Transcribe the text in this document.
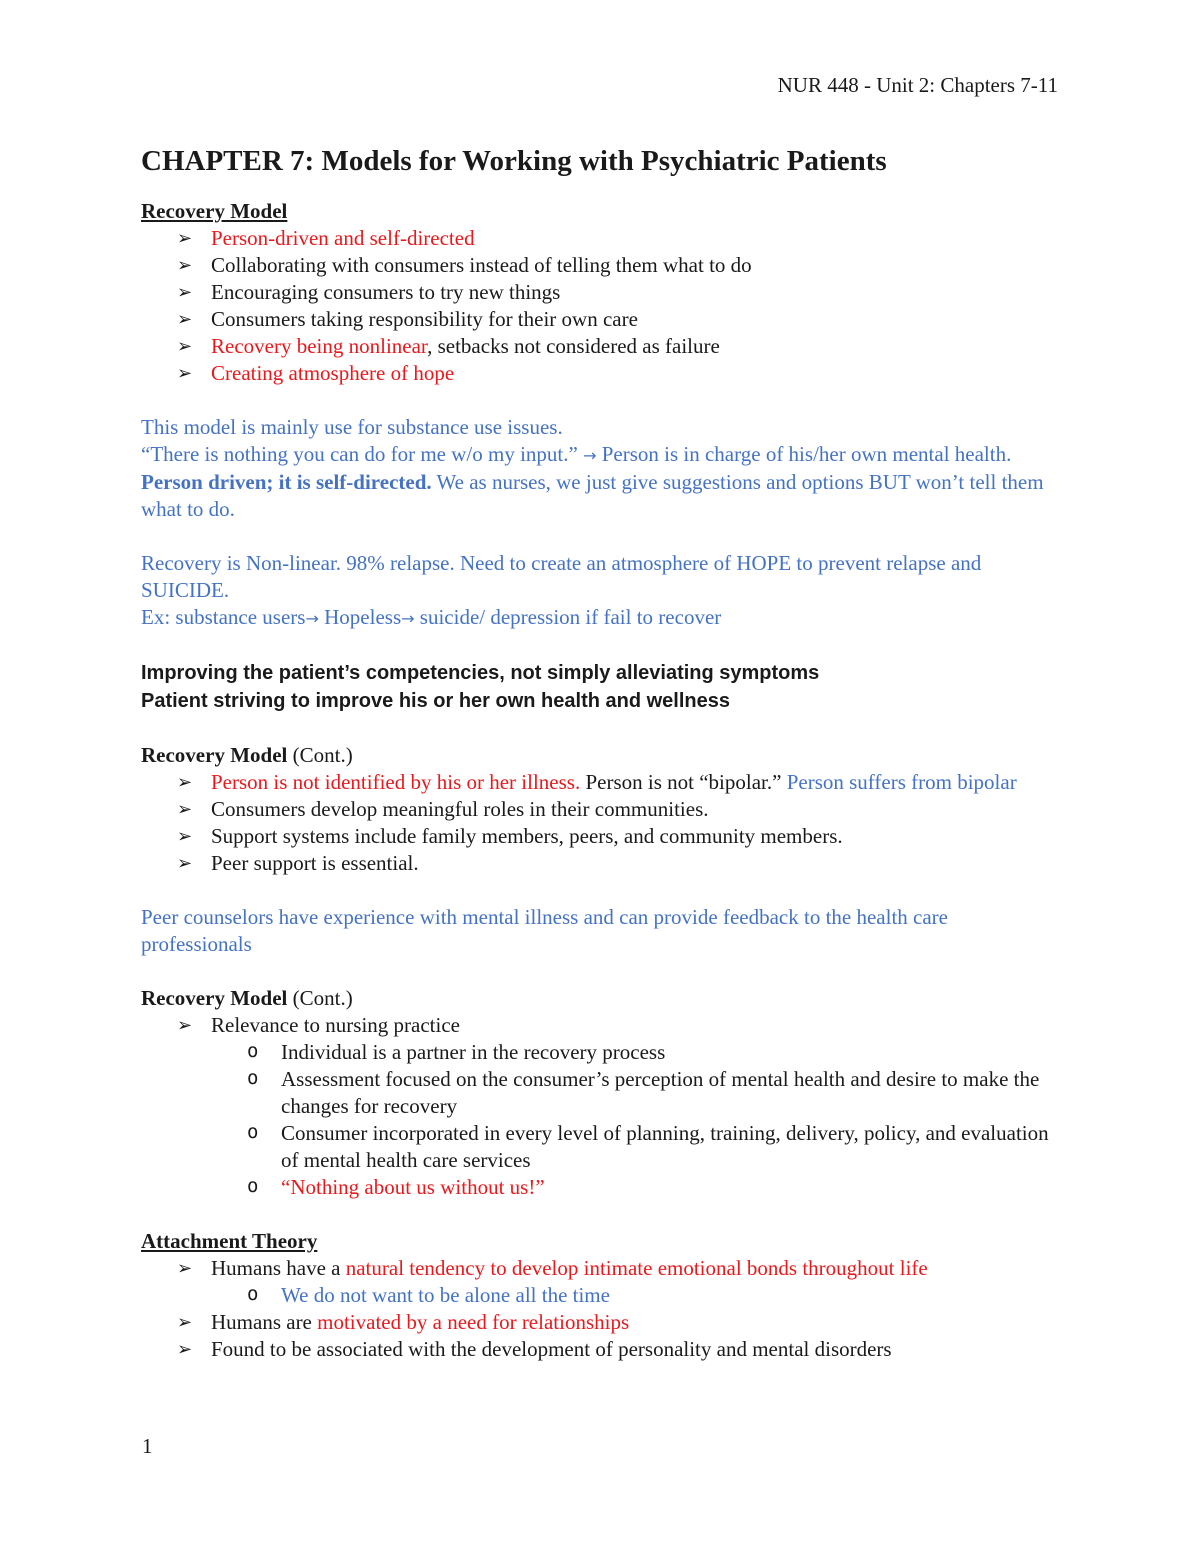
NUR 448 - Unit 2: Chapters 7-11
CHAPTER 7: Models for Working with Psychiatric Patients
Recovery Model
➢ Person-driven and self-directed
➢ Collaborating with consumers instead of telling them what to do
➢ Encouraging consumers to try new things
➢ Consumers taking responsibility for their own care
➢ Recovery being nonlinear, setbacks not considered as failure
➢ Creating atmosphere of hope
This model is mainly use for substance use issues.
“There is nothing you can do for me w/o my input.” → Person is in charge of his/her own mental health. Person driven; it is self-directed. We as nurses, we just give suggestions and options BUT won’t tell them what to do.
Recovery is Non-linear. 98% relapse. Need to create an atmosphere of HOPE to prevent relapse and SUICIDE.
Ex: substance users→ Hopeless→ suicide/ depression if fail to recover
Improving the patient’s competencies, not simply alleviating symptoms
Patient striving to improve his or her own health and wellness
Recovery Model (Cont.)
➢ Person is not identified by his or her illness. Person is not “bipolar.” Person suffers from bipolar
➢ Consumers develop meaningful roles in their communities.
➢ Support systems include family members, peers, and community members.
➢ Peer support is essential.
Peer counselors have experience with mental illness and can provide feedback to the health care professionals
Recovery Model (Cont.)
➢ Relevance to nursing practice
o Individual is a partner in the recovery process
o Assessment focused on the consumer’s perception of mental health and desire to make the changes for recovery
o Consumer incorporated in every level of planning, training, delivery, policy, and evaluation of mental health care services
o “Nothing about us without us!”
Attachment Theory
➢ Humans have a natural tendency to develop intimate emotional bonds throughout life
o We do not want to be alone all the time
➢ Humans are motivated by a need for relationships
➢ Found to be associated with the development of personality and mental disorders
1
